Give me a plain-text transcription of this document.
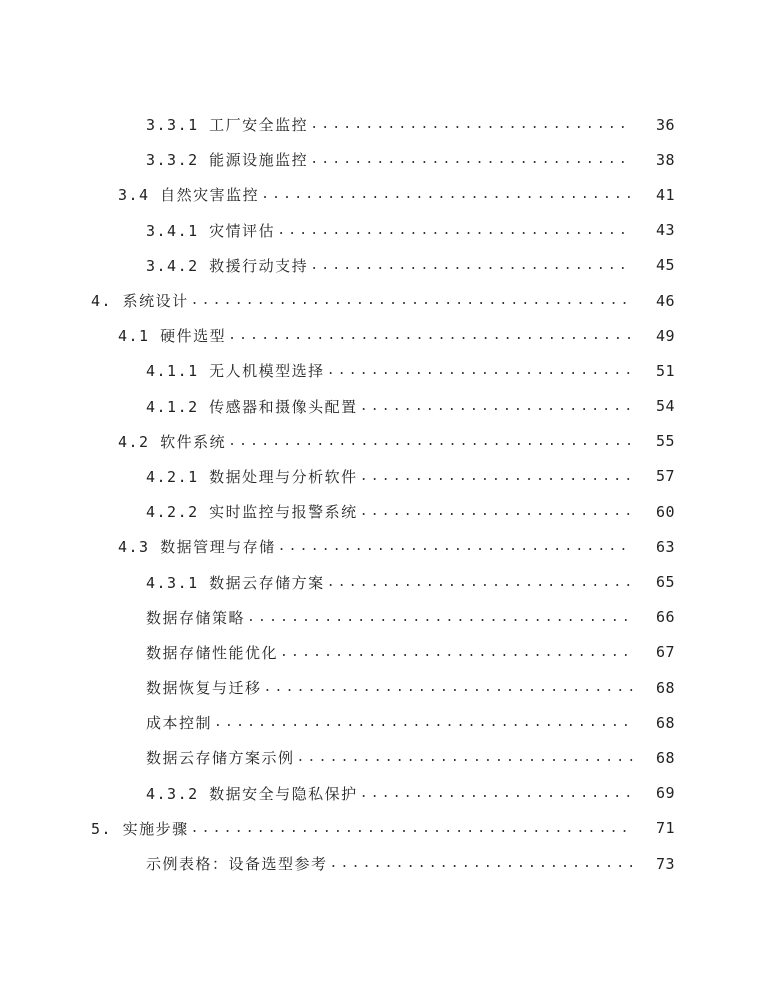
3.3.1 工厂安全监控 .....	36
3.3.2 能源设施监控 .....	38
3.4 自然灾害监控 .....	41
3.4.1 灾情评估 .....	43
3.4.2 救援行动支持 .....	45
4. 系统设计 .....	46
4.1 硬件选型 .....	49
4.1.1 无人机模型选择 .....	51
4.1.2 传感器和摄像头配置 .....	54
4.2 软件系统 .....	55
4.2.1 数据处理与分析软件 .....	57
4.2.2 实时监控与报警系统 .....	60
4.3 数据管理与存储 .....	63
4.3.1 数据云存储方案 .....	65
数据存储策略 .....	66
数据存储性能优化 .....	67
数据恢复与迁移 .....	68
成本控制 .....	68
数据云存储方案示例 .....	68
4.3.2 数据安全与隐私保护 .....	69
5. 实施步骤 .....	71
示例表格：设备选型参考 .....	73
